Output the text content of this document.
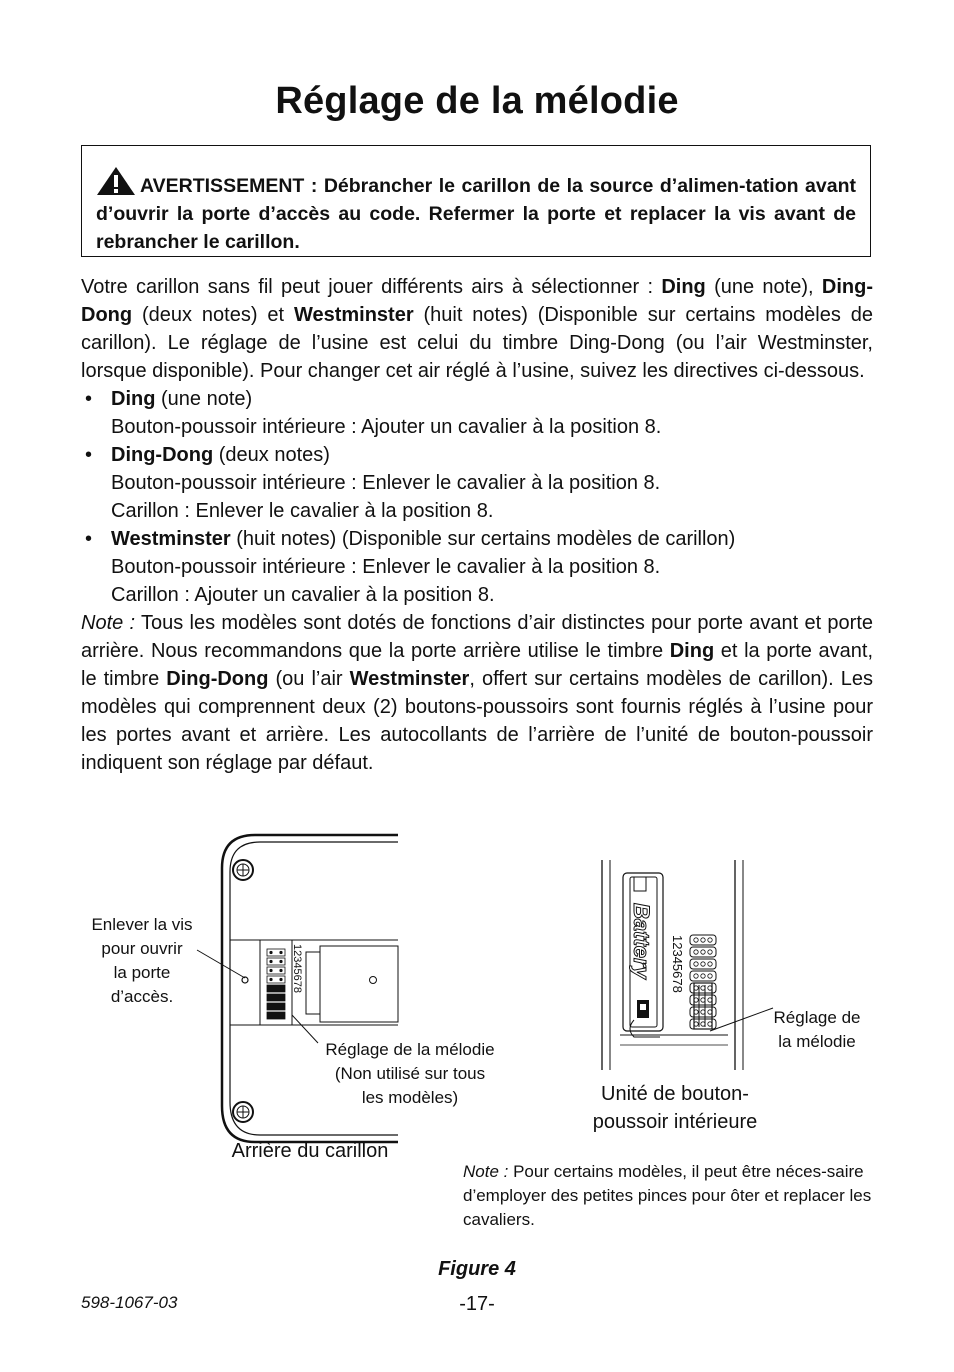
Réglage de la mélodie
AVERTISSEMENT : Débrancher le carillon de la source d’alimen-tation avant d’ouvrir la porte d’accès au code. Refermer la porte et replacer la vis avant de rebrancher le carillon.

Votre carillon sans fil peut jouer différents airs à sélectionner : Ding (une note), Ding-Dong (deux notes) et Westminster (huit notes) (Disponible sur certains modèles de carillon). Le réglage de l’usine est celui du timbre Ding-Dong (ou l’air Westminster, lorsque disponible). Pour changer cet air réglé à l’usine, suivez les directives ci-dessous.

• Ding (une note)
Bouton-poussoir intérieure : Ajouter un cavalier à la position 8.
• Ding-Dong (deux notes)
Bouton-poussoir intérieure : Enlever le cavalier à la position 8.
Carillon : Enlever le cavalier à la position 8.
• Westminster (huit notes) (Disponible sur certains modèles de carillon)
Bouton-poussoir intérieure : Enlever le cavalier à la position 8.
Carillon : Ajouter un cavalier à la position 8.

Note : Tous les modèles sont dotés de fonctions d’air distinctes pour porte avant et porte arrière. Nous recommandons que la porte arrière utilise le timbre Ding et la porte avant, le timbre Ding-Dong (ou l’air Westminster, offert sur certains modèles de carillon). Les modèles qui comprennent deux (2) boutons-poussoirs sont fournis réglés à l’usine pour les portes avant et arrière. Les autocollants de l’arrière de l’unité de bouton-poussoir indiquent son réglage par défaut.

12345678
Enlever la vis
pour ouvrir
la porte
d’accès.
Réglage de la mélodie
(Non utilisé sur tous
les modèles)
Arrière du carillon
Battery 12345678
Réglage de
la mélodie
Unité de bouton-
poussoir intérieure
Note : Pour certains modèles, il peut être néces-saire d’employer des petites pinces pour ôter et replacer les cavaliers.
Figure 4
-17-
598-1067-03
